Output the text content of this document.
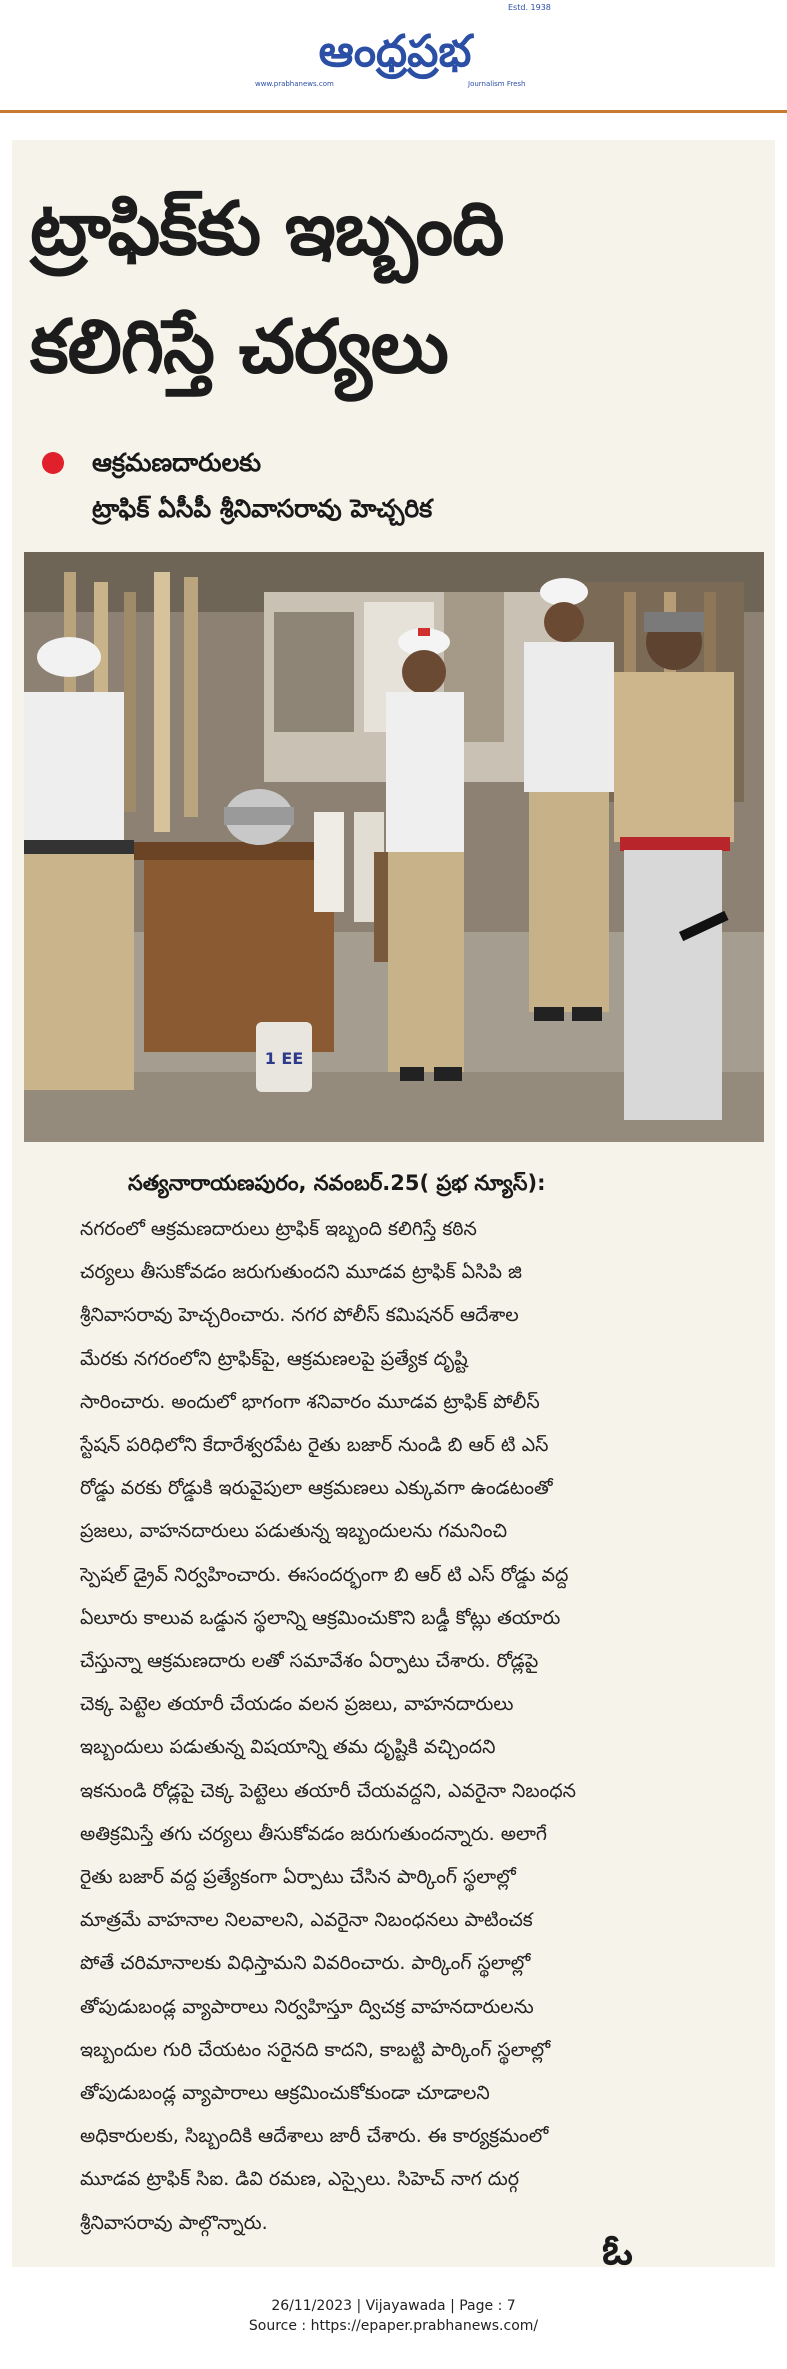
ఆంధ్రప్రభ
Estd. 1938
www.prabhanews.com	Journalism Fresh
ట్రాఫిక్‌కు ఇబ్బంది
కలిగిస్తే చర్యలు
ఆక్రమణదారులకు
ట్రాఫిక్ ఏసీపీ శ్రీనివాసరావు హెచ్చరిక
1 EE
సత్యనారాయణపురం, నవంబర్.25( ప్రభ న్యూస్):
నగరంలో ఆక్రమణదారులు ట్రాఫిక్ ఇబ్బంది కలిగిస్తే కఠిన
చర్యలు తీసుకోవడం జరుగుతుందని మూడవ ట్రాఫిక్ ఏసిపి జి
శ్రీనివాసరావు హెచ్చరించారు. నగర పోలీస్ కమిషనర్ ఆదేశాల
మేరకు నగరంలోని ట్రాఫిక్‌పై, ఆక్రమణలపై ప్రత్యేక దృష్టి
సారించారు. అందులో భాగంగా శనివారం మూడవ ట్రాఫిక్ పోలీస్
స్టేషన్ పరిధిలోని కేదారేశ్వరపేట రైతు బజార్ నుండి బి ఆర్ టి ఎస్
రోడ్డు వరకు రోడ్డుకి ఇరువైపులా ఆక్రమణలు ఎక్కువగా ఉండటంతో
ప్రజలు, వాహనదారులు పడుతున్న ఇబ్బందులను గమనించి
స్పెషల్ డ్రైవ్ నిర్వహించారు. ఈసందర్భంగా బి ఆర్ టి ఎస్ రోడ్డు వద్ద
ఏలూరు కాలువ ఒడ్డున స్థలాన్ని ఆక్రమించుకొని బడ్డీ కోట్లు తయారు
చేస్తున్నా ఆక్రమణదారు లతో సమావేశం ఏర్పాటు చేశారు. రోడ్లపై
చెక్క పెట్టెల తయారీ చేయడం వలన ప్రజలు, వాహనదారులు
ఇబ్బందులు పడుతున్న విషయాన్ని తమ దృష్టికి వచ్చిందని
ఇకనుండి రోడ్లపై చెక్క పెట్టెలు తయారీ చేయవద్దని, ఎవరైనా నిబంధన
అతిక్రమిస్తే తగు చర్యలు తీసుకోవడం జరుగుతుందన్నారు. అలాగే
రైతు బజార్ వద్ద ప్రత్యేకంగా ఏర్పాటు చేసిన పార్కింగ్ స్థలాల్లో
మాత్రమే వాహనాల నిలవాలని, ఎవరైనా నిబంధనలు పాటించక
పోతే చరిమానాలకు విధిస్తామని వివరించారు. పార్కింగ్ స్థలాల్లో
తోపుడుబండ్ల వ్యాపారాలు నిర్వహిస్తూ ద్విచక్ర వాహనదారులను
ఇబ్బందుల గురి చేయటం సరైనది కాదని, కాబట్టి పార్కింగ్ స్థలాల్లో
తోపుడుబండ్ల వ్యాపారాలు ఆక్రమించుకోకుండా చూడాలని
అధికారులకు, సిబ్బందికి ఆదేశాలు జారీ చేశారు. ఈ కార్యక్రమంలో
మూడవ ట్రాఫిక్ సిఐ. డివి రమణ, ఎస్సైలు. సిహెచ్ నాగ దుర్గ
శ్రీనివాసరావు పాల్గొన్నారు.
ఓ
26/11/2023 | Vijayawada | Page : 7
Source : https://epaper.prabhanews.com/
